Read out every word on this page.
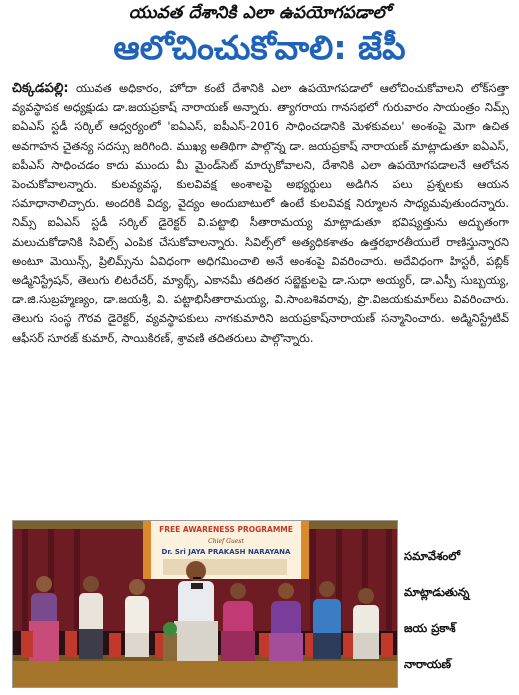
యువత దేశానికి ఎలా ఉపయోగపడాలో
ఆలోచించుకోవాలి: జేపీ
చిక్కడపల్లి: యువత అధికారం, హోదా కంటే దేశానికి ఎలా ఉపయోగపడాలో ఆలోచించుకోవాలని లోక్‌సత్తా వ్యవస్థాపక అధ్యక్షుడు డా.జయప్రకాష్ నారాయణ్ అన్నారు. త్యాగరాయ గానసభలో గురువారం సాయంత్రం నిమ్స్ ఐఏఎస్ స్టడీ సర్కిల్ ఆధ్వర్యంలో 'ఐఏఎస్, ఐపీఎస్-2016 సాధించడానికి మెళకువలు' అంశంపై మెగా ఉచిత అవగాహన చైతన్య సదస్సు జరిగింది. ముఖ్య అతిథిగా పాల్గొన్న డా. జయప్రకాష్ నారాయణ్ మాట్లాడుతూ ఐఏఎస్, ఐపీఎస్ సాధించడం కాదు ముందు మీ మైండ్‌సెట్ మార్చుకోవాలని, దేశానికి ఎలా ఉపయోగపడాలనే ఆలోచన పెంచుకోవాలన్నారు. కులవ్యవస్థ, కులవివక్ష అంశాలపై అభ్యర్థులు అడిగిన పలు ప్రశ్నలకు ఆయన సమాధానాలిచ్చారు. అందరికి విద్య, వైద్యం అందుబాటులో ఉంటే కులవివక్ష నిర్మూలన సాధ్యమవుతుందన్నారు. నిమ్స్ ఐఏఎస్ స్టడీ సర్కిల్ డైరెక్టర్ వి.పట్టాభి సీతారామయ్య మాట్లాడుతూ భవిష్యత్తును అద్భుతంగా మలుచుకోడానికి సివిల్స్ ఎంపిక చేసుకోవాలన్నారు. సివిల్స్‌లో అత్యధికశాతం ఉత్తరభారతీయులే రాణిస్తున్నారని అంటూ మెయిన్స్, ప్రిలిమ్స్‌ను ఏవిధంగా అధిగమించాలి అనే అంశంపై వివరించారు. అదేవిధంగా హిస్టరీ, పబ్లిక్ అడ్మినిస్ట్రేషన్, తెలుగు లిటరేచర్, మ్యాథ్స్, ఎకానమీ తదితర సబ్జెక్టులపై డా.సుధా అయ్యర్, డా.ఎస్పీ సుబ్బయ్య, డా.జి.సుబ్రహ్మణ్యం, డా.జయశ్రీ, వి. పట్టాభిసీతారామయ్య, వి.సాంబశివరావు, ప్రొ.విజయకుమార్‌లు వివరించారు. తెలుగు సంస్థ గౌరవ డైరెక్టర్, వ్యవస్థాపకులు నాగకుమారిని జయప్రకాష్‌నారాయణ్ సన్మానించారు. అడ్మినిస్ట్రేటివ్ ఆఫీసర్ సూరజ్ కుమార్, సాయికిరణ్, శ్రావణి తదితరులు పాల్గొన్నారు.
FREE AWARENESS PROGRAMME
Chief Guest
Dr. Sri JAYA PRAKASH NARAYANA	సమావేశంలో
మాట్లాడుతున్న
జయ ప్రకాశ్
నారాయణ్
